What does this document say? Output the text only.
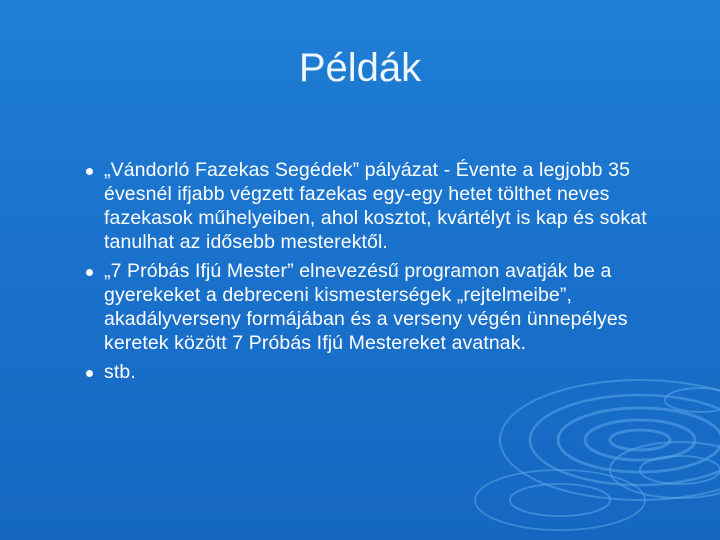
Példák
„Vándorló Fazekas Segédek” pályázat - Évente a legjobb 35 évesnél ifjabb végzett fazekas egy-egy hetet tölthet neves fazekasok műhelyeiben, ahol kosztot, kvártélyt is kap és sokat tanulhat az idősebb mesterektől.
„7 Próbás Ifjú Mester” elnevezésű programon avatják be a gyerekeket a debreceni kismesterségek „rejtelmeibe”, akadályverseny formájában és a verseny végén ünnepélyes keretek között 7 Próbás Ifjú Mestereket avatnak.
stb.
